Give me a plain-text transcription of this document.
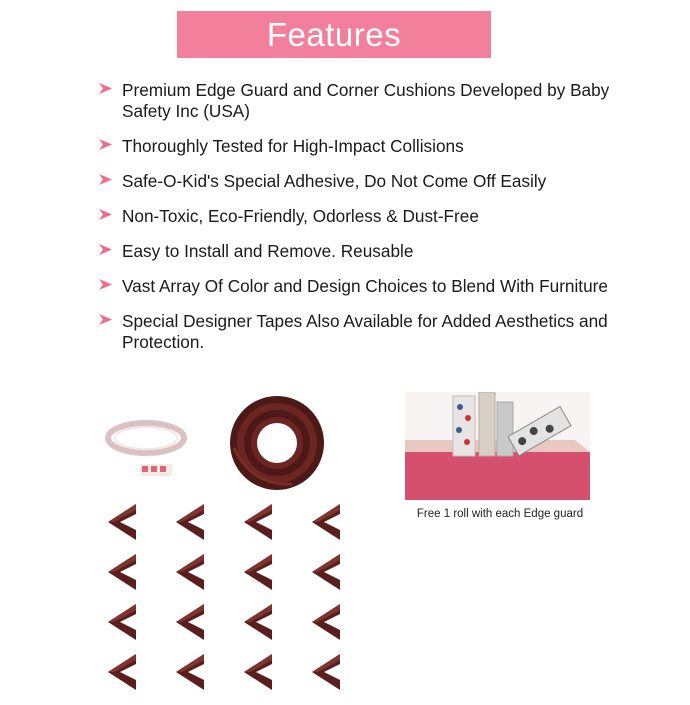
Features
Premium Edge Guard and Corner Cushions Developed by Baby Safety Inc (USA)
Thoroughly Tested for High-Impact Collisions
Safe-O-Kid's Special Adhesive, Do Not Come Off Easily
Non-Toxic, Eco-Friendly, Odorless & Dust-Free
Easy to Install and Remove. Reusable
Vast Array Of Color and Design Choices to Blend With Furniture
Special Designer Tapes Also Available for Added Aesthetics and Protection.
Free 1 roll with each Edge guard
